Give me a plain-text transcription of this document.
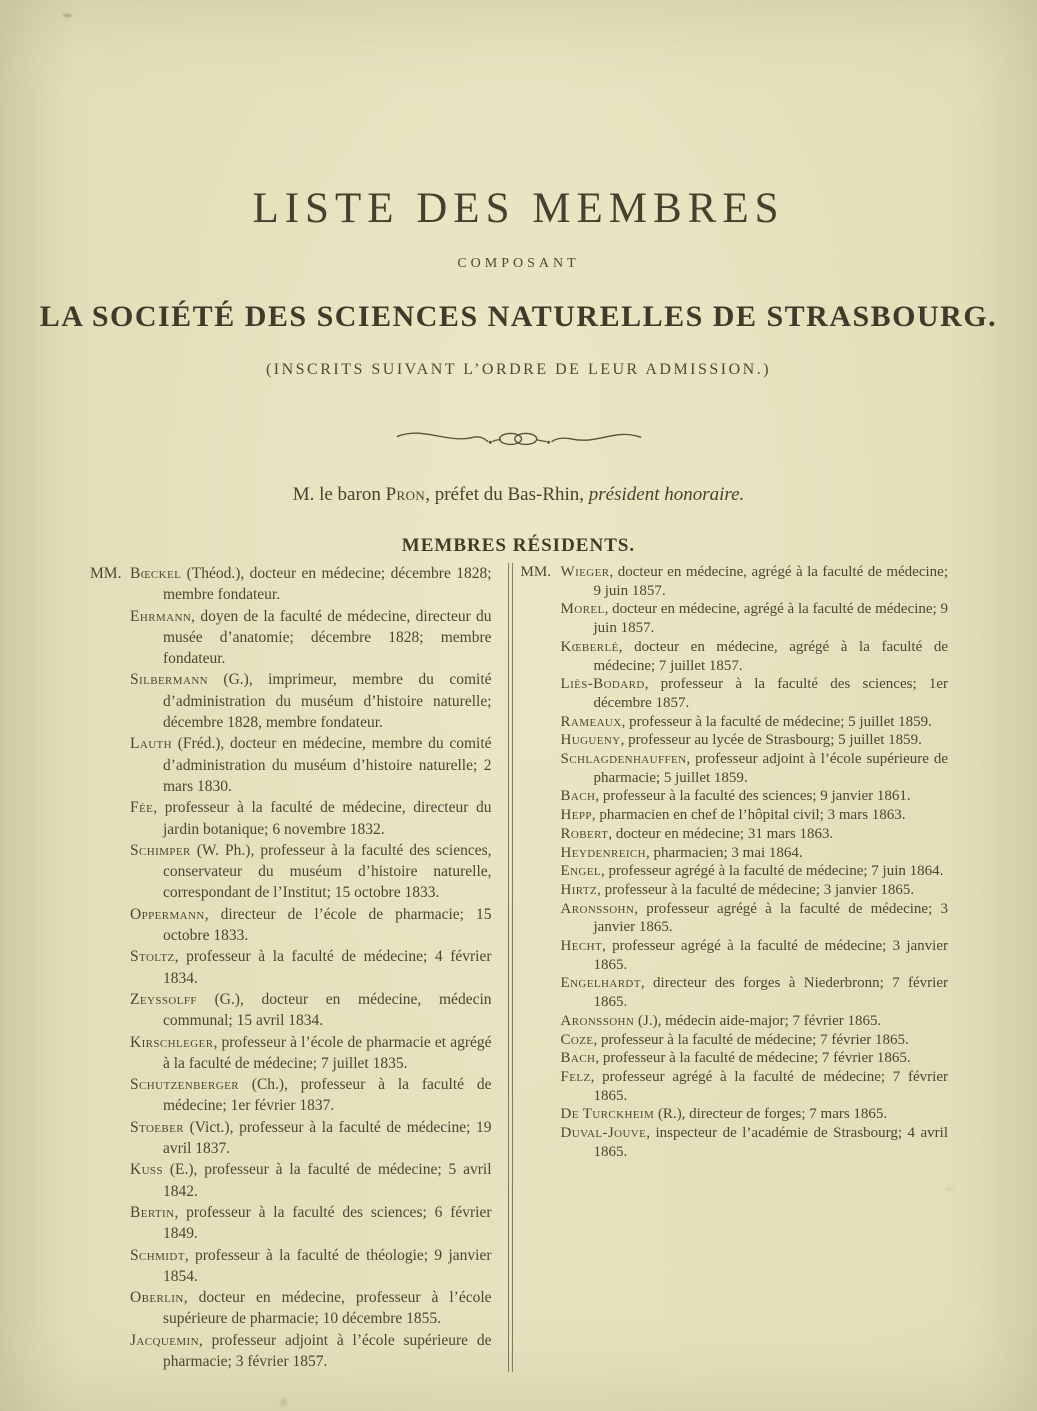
LISTE DES MEMBRES
COMPOSANT
LA SOCIÉTÉ DES SCIENCES NATURELLES DE STRASBOURG.
(INSCRITS SUIVANT L’ORDRE DE LEUR ADMISSION.)
M. le baron Pron, préfet du Bas-Rhin, président honoraire.
MEMBRES RÉSIDENTS.
MM. Bœckel (Théod.), docteur en médecine; décembre 1828; membre fondateur.

Ehrmann, doyen de la faculté de médecine, directeur du musée d’anatomie; décembre 1828; membre fondateur.

Silbermann (G.), imprimeur, membre du comité d’administration du muséum d’histoire naturelle; décembre 1828, membre fondateur.

Lauth (Fréd.), docteur en médecine, membre du comité d’administration du muséum d’histoire naturelle; 2 mars 1830.

Fée, professeur à la faculté de médecine, directeur du jardin botanique; 6 novembre 1832.

Schimper (W. Ph.), professeur à la faculté des sciences, conservateur du muséum d’histoire naturelle, correspondant de l’Institut; 15 octobre 1833.

Oppermann, directeur de l’école de pharmacie; 15 octobre 1833.

Stoltz, professeur à la faculté de médecine; 4 février 1834.

Zeyssolff (G.), docteur en médecine, médecin communal; 15 avril 1834.

Kirschleger, professeur à l’école de pharmacie et agrégé à la faculté de médecine; 7 juillet 1835.

Schutzenberger (Ch.), professeur à la faculté de médecine; 1er février 1837.

Stoeber (Vict.), professeur à la faculté de médecine; 19 avril 1837.

Kuss (E.), professeur à la faculté de médecine; 5 avril 1842.

Bertin, professeur à la faculté des sciences; 6 février 1849.

Schmidt, professeur à la faculté de théologie; 9 janvier 1854.

Oberlin, docteur en médecine, professeur à l’école supérieure de pharmacie; 10 décembre 1855.

Jacquemin, professeur adjoint à l’école supérieure de pharmacie; 3 février 1857.

MM. Wieger, docteur en médecine, agrégé à la faculté de médecine; 9 juin 1857.

Morel, docteur en médecine, agrégé à la faculté de médecine; 9 juin 1857.

Kœberlé, docteur en médecine, agrégé à la faculté de médecine; 7 juillet 1857.

Liès-Bodard, professeur à la faculté des sciences; 1er décembre 1857.

Rameaux, professeur à la faculté de médecine; 5 juillet 1859.

Hugueny, professeur au lycée de Strasbourg; 5 juillet 1859.

Schlagdenhauffen, professeur adjoint à l’école supérieure de pharmacie; 5 juillet 1859.

Bach, professeur à la faculté des sciences; 9 janvier 1861.

Hepp, pharmacien en chef de l’hôpital civil; 3 mars 1863.

Robert, docteur en médecine; 31 mars 1863.

Heydenreich, pharmacien; 3 mai 1864.

Engel, professeur agrégé à la faculté de médecine; 7 juin 1864.

Hirtz, professeur à la faculté de médecine; 3 janvier 1865.

Aronssohn, professeur agrégé à la faculté de médecine; 3 janvier 1865.

Hecht, professeur agrégé à la faculté de médecine; 3 janvier 1865.

Engelhardt, directeur des forges à Niederbronn; 7 février 1865.

Aronssohn (J.), médecin aide-major; 7 février 1865.

Coze, professeur à la faculté de médecine; 7 février 1865.

Bach, professeur à la faculté de médecine; 7 février 1865.

Felz, professeur agrégé à la faculté de médecine; 7 février 1865.

De Turckheim (R.), directeur de forges; 7 mars 1865.

Duval-Jouve, inspecteur de l’académie de Strasbourg; 4 avril 1865.
